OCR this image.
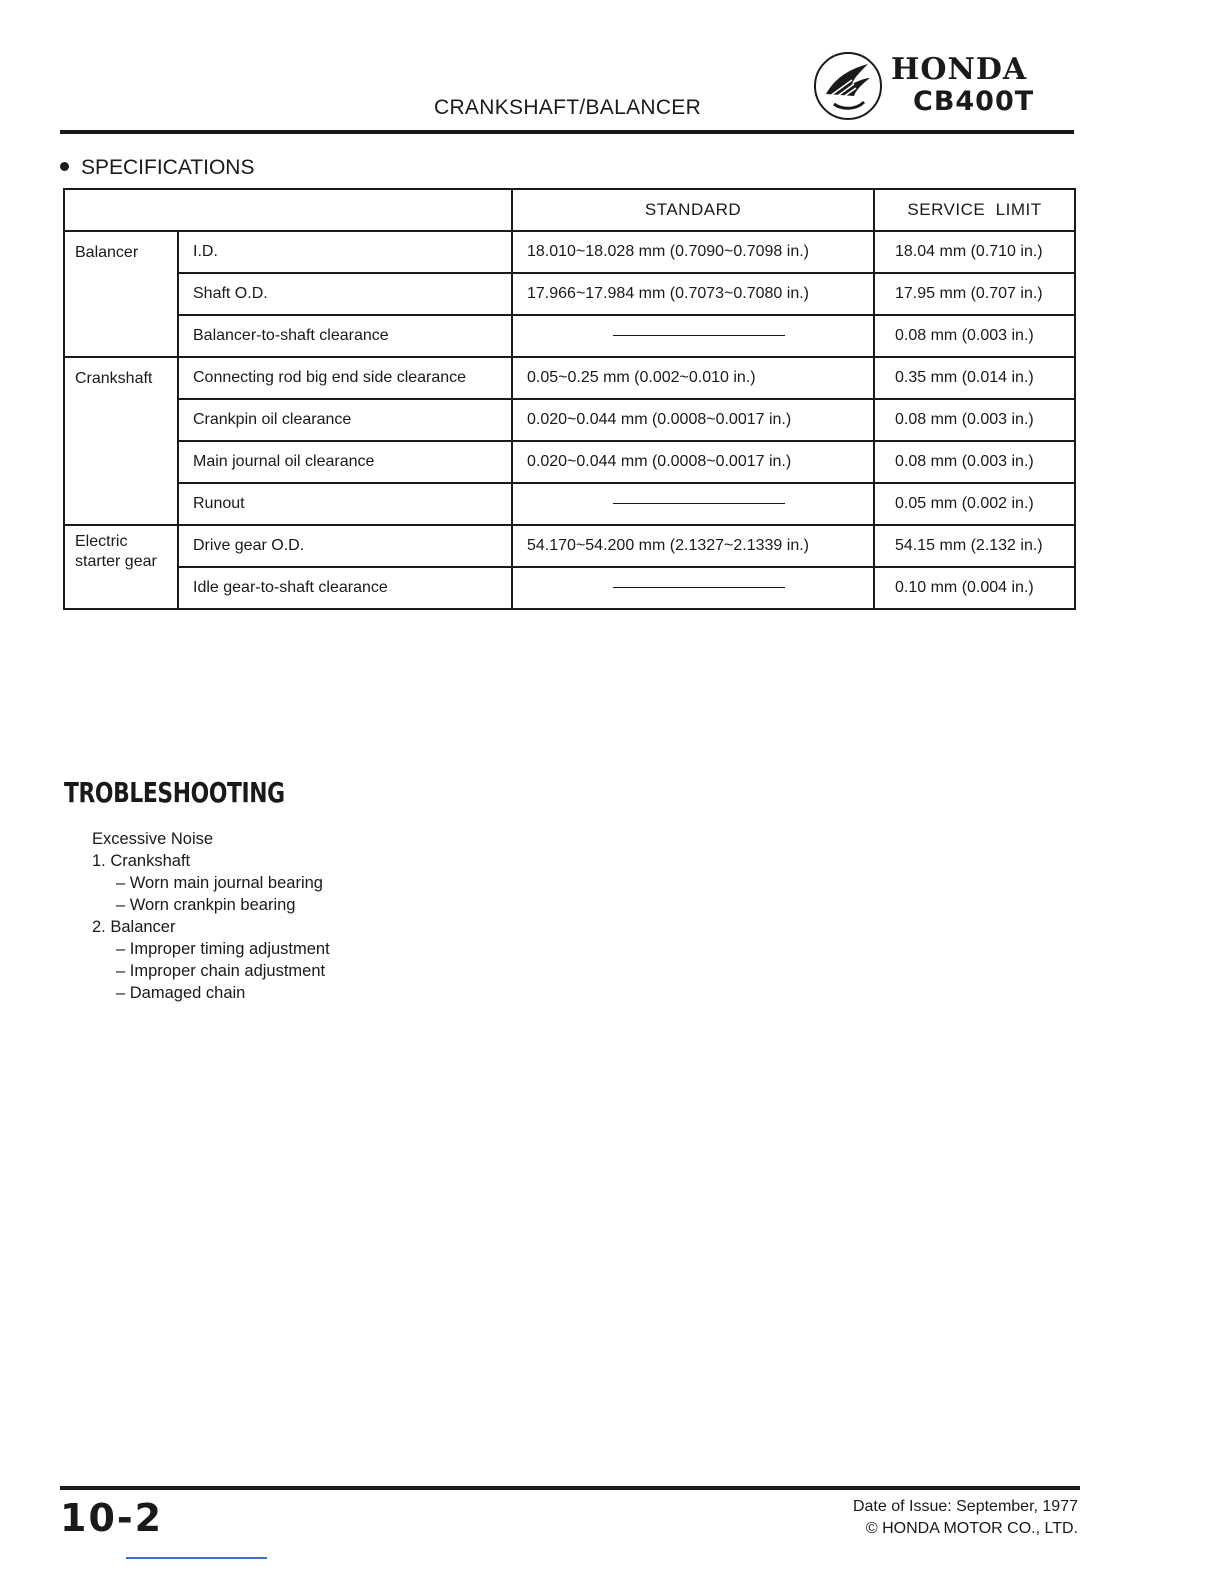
CRANKSHAFT/BALANCER
HONDA
CB400T
SPECIFICATIONS
		STANDARD	SERVICE  LIMIT
Balancer	I.D.	18.010~18.028 mm (0.7090~0.7098 in.)	18.04 mm (0.710 in.)
	Shaft O.D.	17.966~17.984 mm (0.7073~0.7080 in.)	17.95 mm (0.707 in.)
	Balancer-to-shaft clearance		0.08 mm (0.003 in.)
Crankshaft	Connecting rod big end side clearance	0.05~0.25 mm (0.002~0.010 in.)	0.35 mm (0.014 in.)
	Crankpin oil clearance	0.020~0.044 mm (0.0008~0.0017 in.)	0.08 mm (0.003 in.)
	Main journal oil clearance	0.020~0.044 mm (0.0008~0.0017 in.)	0.08 mm (0.003 in.)
	Runout		0.05 mm (0.002 in.)
Electric starter gear	Drive gear O.D.	54.170~54.200 mm (2.1327~2.1339 in.)	54.15 mm (2.132 in.)
	Idle gear-to-shaft clearance		0.10 mm (0.004 in.)
TROBLESHOOTING
Excessive Noise
1. Crankshaft
– Worn main journal bearing
– Worn crankpin bearing
2. Balancer
– Improper timing adjustment
– Improper chain adjustment
– Damaged chain
10-2	Date of Issue: September, 1977
© HONDA MOTOR CO., LTD.
